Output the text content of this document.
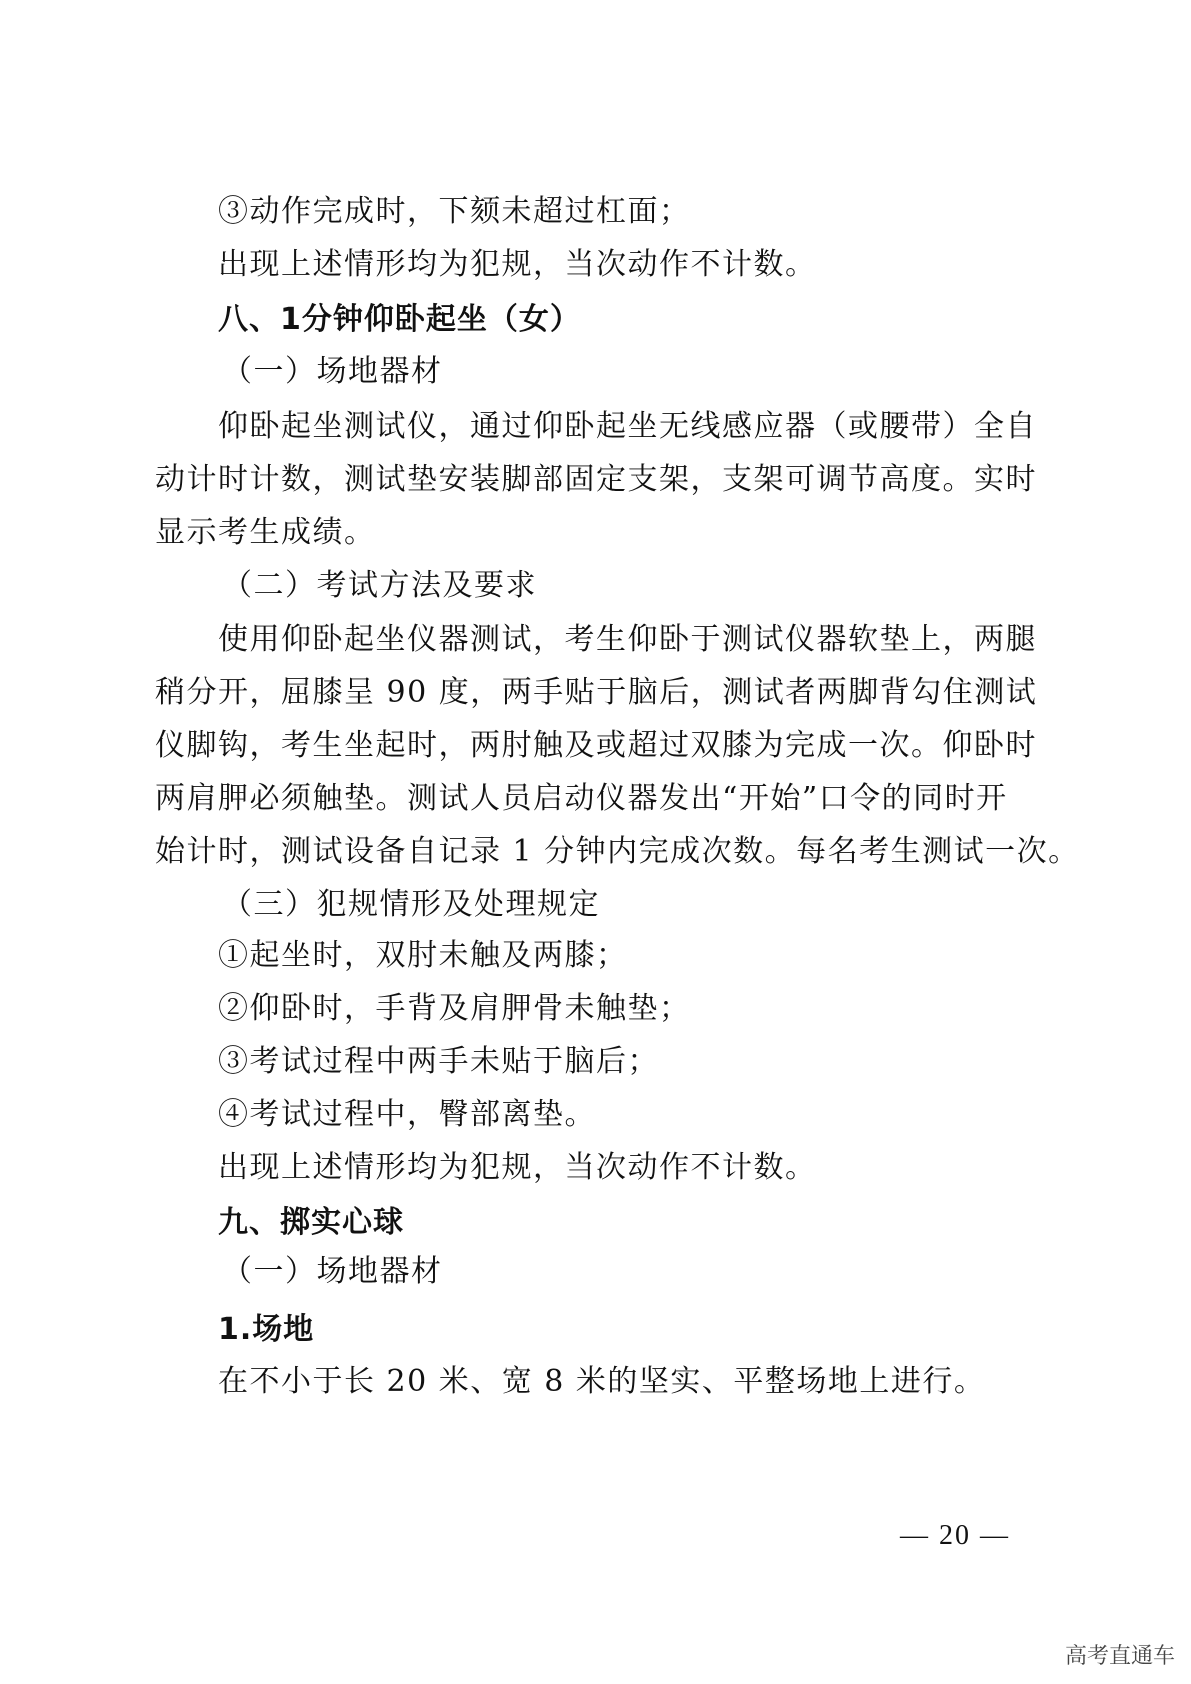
③动作完成时，下颏未超过杠面；
出现上述情形均为犯规，当次动作不计数。
八、1分钟仰卧起坐（女）
（一）场地器材
仰卧起坐测试仪，通过仰卧起坐无线感应器（或腰带）全自
动计时计数，测试垫安装脚部固定支架，支架可调节高度。实时
显示考生成绩。
（二）考试方法及要求
使用仰卧起坐仪器测试，考生仰卧于测试仪器软垫上，两腿
稍分开，屈膝呈 90 度，两手贴于脑后，测试者两脚背勾住测试
仪脚钩，考生坐起时，两肘触及或超过双膝为完成一次。仰卧时
两肩胛必须触垫。测试人员启动仪器发出“开始”口令的同时开
始计时，测试设备自记录 1 分钟内完成次数。每名考生测试一次。
（三）犯规情形及处理规定
①起坐时，双肘未触及两膝；
②仰卧时，手背及肩胛骨未触垫；
③考试过程中两手未贴于脑后；
④考试过程中，臀部离垫。
出现上述情形均为犯规，当次动作不计数。
九、掷实心球
（一）场地器材
1.场地
在不小于长 20 米、宽 8 米的坚实、平整场地上进行。
— 20 —
高考直通车
